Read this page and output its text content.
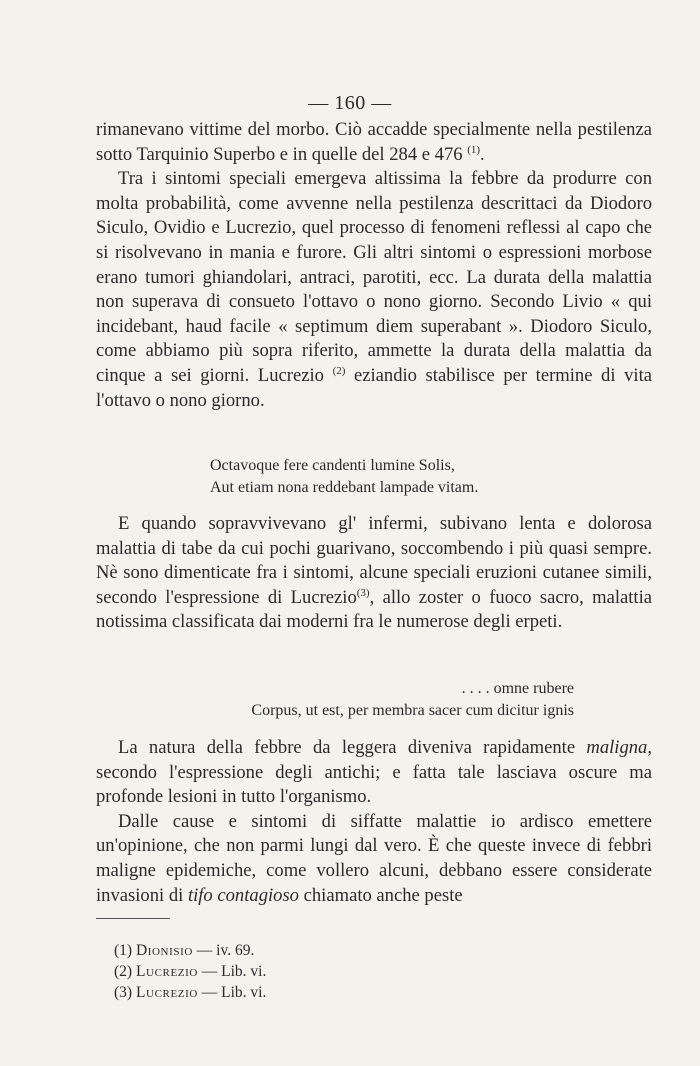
— 160 —

rimanevano vittime del morbo. Ciò accadde specialmente nella pestilenza sotto Tarquinio Superbo e in quelle del 284 e 476 $^{(1)}$.

Tra i sintomi speciali emergeva altissima la febbre da produrre con molta probabilità, come avvenne nella pestilenza descrittaci da Diodoro Siculo, Ovidio e Lucrezio, quel processo di fenomeni reflessi al capo che si risolvevano in mania e furore. Gli altri sintomi o espressioni morbose erano tumori ghiandolari, antraci, parotiti, ecc. La durata della malattia non superava di consueto l'ottavo o nono giorno. Secondo Livio « qui incidebant, haud facile « septimum diem superabant ». Diodoro Siculo, come abbiamo più sopra riferito, ammette la durata della malattia da cinque a sei giorni. Lucrezio $^{(2)}$ eziandio stabilisce per termine di vita l'ottavo o nono giorno.

Octavoque fere candenti lumine Solis,
Aut etiam nona reddebant lampade vitam.

E quando sopravvivevano gl' infermi, subivano lenta e dolorosa malattia di tabe da cui pochi guarivano, soccombendo i più quasi sempre. Nè sono dimenticate fra i sintomi, alcune speciali eruzioni cutanee simili, secondo l'espressione di Lucrezio$^{(3)}$, allo zoster o fuoco sacro, malattia notissima classificata dai moderni fra le numerose degli erpeti.

. . . . omne rubere
Corpus, ut est, per membra sacer cum dicitur ignis

La natura della febbre da leggera diveniva rapidamente maligna, secondo l'espressione degli antichi; e fatta tale lasciava oscure ma profonde lesioni in tutto l'organismo.

Dalle cause e sintomi di siffatte malattie io ardisco emettere un'opinione, che non parmi lungi dal vero. È che queste invece di febbri maligne epidemiche, come vollero alcuni, debbano essere considerate invasioni di tifo contagioso chiamato anche peste

(1) Dionisio — iv. 69.
(2) Lucrezio — Lib. vi.
(3) Lucrezio — Lib. vi.
